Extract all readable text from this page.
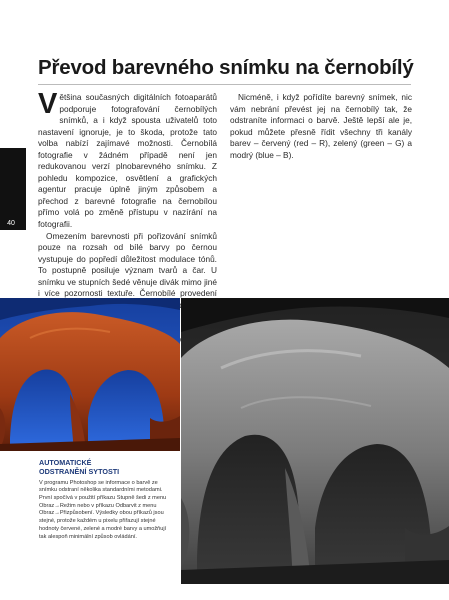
Převod barevného snímku na černobílý
40

Většina současných digitálních fotoaparátů podporuje fotografování černobílých snímků, a i když spousta uživatelů toto nastavení ignoruje, je to škoda, protože tato volba nabízí zajímavé možnosti. Černobílá fotografie v žádném případě není jen redukovanou verzí plnobarevného snímku. Z pohledu kompozice, osvětlení a grafických agentur pracuje úplně jiným způsobem a přechod z barevné fotografie na černobílou přímo volá po změně přístupu v nazírání na fotografii.

Omezením barevnosti při pořizování snímků pouze na rozsah od bílé barvy po černou vystupuje do popředí důležitost modulace tónů. To postupně posiluje význam tvarů a čar. U snímku ve stupních šedé věnuje divák mimo jiné i více pozornosti textuře. Černobílé provedení

Nicméně, i když pořídíte barevný snímek, nic vám nebrání převést jej na černobílý tak, že odstraníte informaci o barvě. Ještě lepší ale je, pokud můžete přesně řídit všechny tři kanály barev – červený (red – R), zelený (green – G) a modrý (blue – B).

AUTOMATICKÉ
ODSTRANĚNÍ SYTOSTI
V programu Photoshop se informace o barvě ze snímku odstraní několika standardními metodami. První spočívá v použití příkazu Stupně šedi z menu Obraz→Režim nebo v příkazu Odbarvit z menu Obraz→Přizpůsobení. Výsledky obou příkazů jsou stejné, protože každém u pixelu přiřazují stejné hodnoty červené, zelené a modré barvy a umožňují tak alespoň minimální způsob ovládání.
